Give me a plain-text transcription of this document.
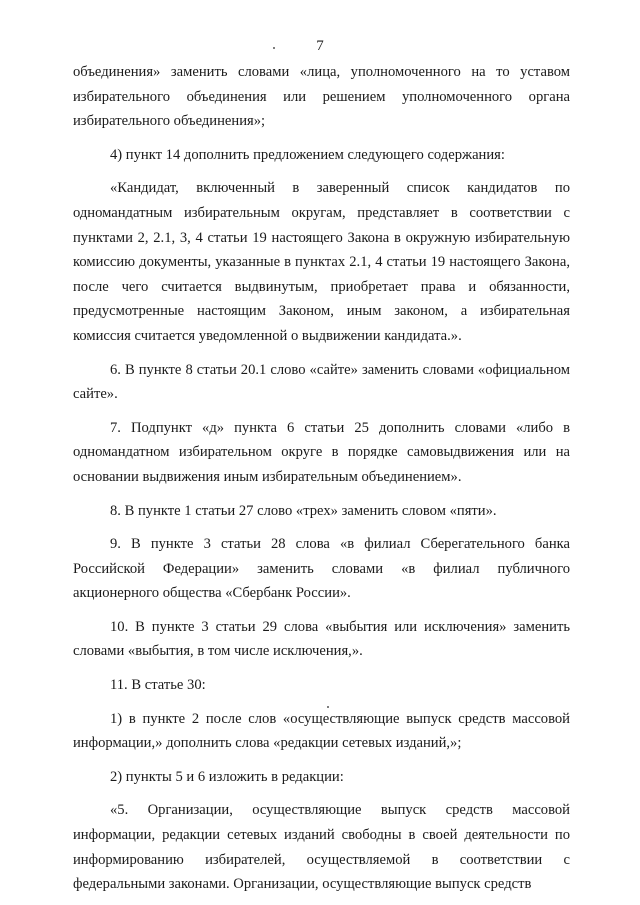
7

объединения» заменить словами «лица, уполномоченного на то уставом избирательного объединения или решением уполномоченного органа избирательного объединения»;

4) пункт 14 дополнить предложением следующего содержания:

«Кандидат, включенный в заверенный список кандидатов по одномандатным избирательным округам, представляет в соответствии с пунктами 2, 2.1, 3, 4 статьи 19 настоящего Закона в окружную избирательную комиссию документы, указанные в пунктах 2.1, 4 статьи 19 настоящего Закона, после чего считается выдвинутым, приобретает права и обязанности, предусмотренные настоящим Законом, иным законом, а избирательная комиссия считается уведомленной о выдвижении кандидата.».

6. В пункте 8 статьи 20.1 слово «сайте» заменить словами «официальном сайте».

7. Подпункт «д» пункта 6 статьи 25 дополнить словами «либо в одномандатном избирательном округе в порядке самовыдвижения или на основании выдвижения иным избирательным объединением».

8. В пункте 1 статьи 27 слово «трех» заменить словом «пяти».

9. В пункте 3 статьи 28 слова «в филиал Сберегательного банка Российской Федерации» заменить словами «в филиал публичного акционерного общества «Сбербанк России».

10. В пункте 3 статьи 29 слова «выбытия или исключения» заменить словами «выбытия, в том числе исключения,».

11. В статье 30:

1) в пункте 2 после слов «осуществляющие выпуск средств массовой информации,» дополнить слова «редакции сетевых изданий,»;

2) пункты 5 и 6 изложить в редакции:

«5. Организации, осуществляющие выпуск средств массовой информации, редакции сетевых изданий свободны в своей деятельности по информированию избирателей, осуществляемой в соответствии с федеральными законами. Организации, осуществляющие выпуск средств
